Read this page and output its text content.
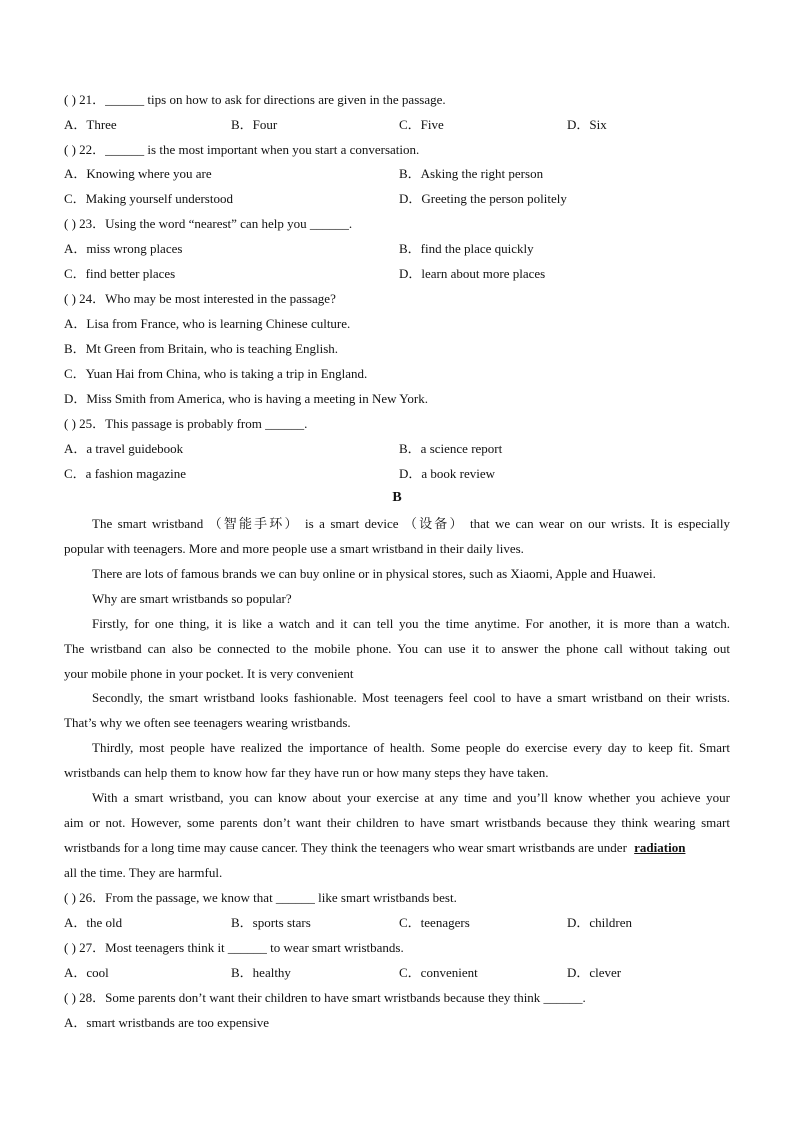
( ) 21．______ tips on how to ask for directions are given in the passage.
A．Three	B．Four	C．Five	D．Six
( ) 22．______ is the most important when you start a conversation.
A．Knowing where you are	B．Asking the right person
C．Making yourself understood	D．Greeting the person politely
( ) 23．Using the word “nearest” can help you ______.
A．miss wrong places	B．find the place quickly
C．find better places	D．learn about more places
( ) 24．Who may be most interested in the passage?
A．Lisa from France, who is learning Chinese culture.
B．Mt Green from Britain, who is teaching English.
C．Yuan Hai from China, who is taking a trip in England.
D．Miss Smith from America, who is having a meeting in New York.
( ) 25．This passage is probably from ______.
A．a travel guidebook	B．a science report
C．a fashion magazine	D．a book review
B
The smart wristband （智能手环） is a smart device （设备） that we can wear on our wrists. It is especially
popular with teenagers. More and more people use a smart wristband in their daily lives.
There are lots of famous brands we can buy online or in physical stores, such as Xiaomi, Apple and Huawei.
Why are smart wristbands so popular?
Firstly, for one thing, it is like a watch and it can tell you the time anytime. For another, it is more than a watch.
The wristband can also be connected to the mobile phone. You can use it to answer the phone call without taking out
your mobile phone in your pocket. It is very convenient
Secondly, the smart wristband looks fashionable. Most teenagers feel cool to have a smart wristband on their wrists.
That’s why we often see teenagers wearing wristbands.
Thirdly, most people have realized the importance of health. Some people do exercise every day to keep fit. Smart
wristbands can help them to know how far they have run or how many steps they have taken.
With a smart wristband, you can know about your exercise at any time and you’ll know whether you achieve your
aim or not. However, some parents don’t want their children to have smart wristbands because they think wearing smart
wristbands for a long time may cause cancer. They think the teenagers who wear smart wristbands are under radiation
all the time. They are harmful.
( ) 26．From the passage, we know that ______ like smart wristbands best.
A．the old	B．sports stars	C．teenagers	D．children
( ) 27．Most teenagers think it ______ to wear smart wristbands.
A．cool	B．healthy	C．convenient	D．clever
( ) 28．Some parents don’t want their children to have smart wristbands because they think ______.
A．smart wristbands are too expensive
